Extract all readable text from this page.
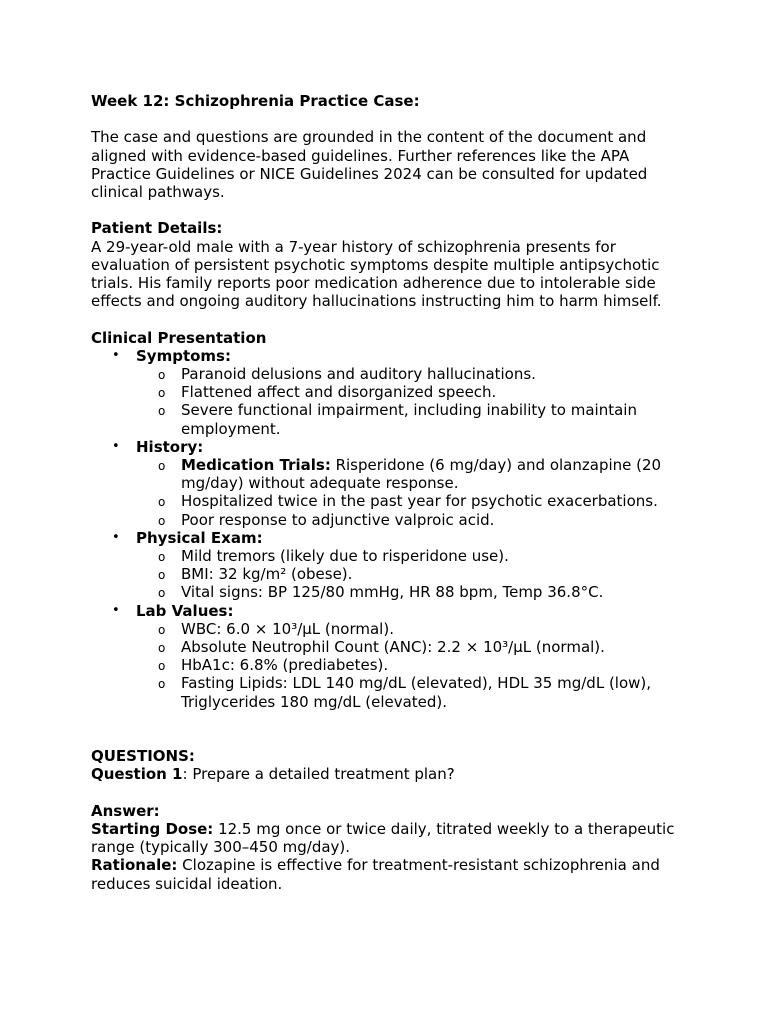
Week 12: Schizophrenia Practice Case:

The case and questions are grounded in the content of the document and aligned with evidence-based guidelines. Further references like the APA Practice Guidelines or NICE Guidelines 2024 can be consulted for updated clinical pathways.

Patient Details:

A 29-year-old male with a 7-year history of schizophrenia presents for evaluation of persistent psychotic symptoms despite multiple antipsychotic trials. His family reports poor medication adherence due to intolerable side effects and ongoing auditory hallucinations instructing him to harm himself.

Clinical Presentation

• Symptoms:
o Paranoid delusions and auditory hallucinations.
o Flattened affect and disorganized speech.
o Severe functional impairment, including inability to maintain employment.
• History:
o Medication Trials: Risperidone (6 mg/day) and olanzapine (20 mg/day) without adequate response.
o Hospitalized twice in the past year for psychotic exacerbations.
o Poor response to adjunctive valproic acid.
• Physical Exam:
o Mild tremors (likely due to risperidone use).
o BMI: 32 kg/m² (obese).
o Vital signs: BP 125/80 mmHg, HR 88 bpm, Temp 36.8°C.
• Lab Values:
o WBC: 6.0 × 10³/µL (normal).
o Absolute Neutrophil Count (ANC): 2.2 × 10³/µL (normal).
o HbA1c: 6.8% (prediabetes).
o Fasting Lipids: LDL 140 mg/dL (elevated), HDL 35 mg/dL (low), Triglycerides 180 mg/dL (elevated).

QUESTIONS:

Question 1: Prepare a detailed treatment plan?

Answer:

Starting Dose: 12.5 mg once or twice daily, titrated weekly to a therapeutic range (typically 300–450 mg/day).

Rationale: Clozapine is effective for treatment-resistant schizophrenia and reduces suicidal ideation.
